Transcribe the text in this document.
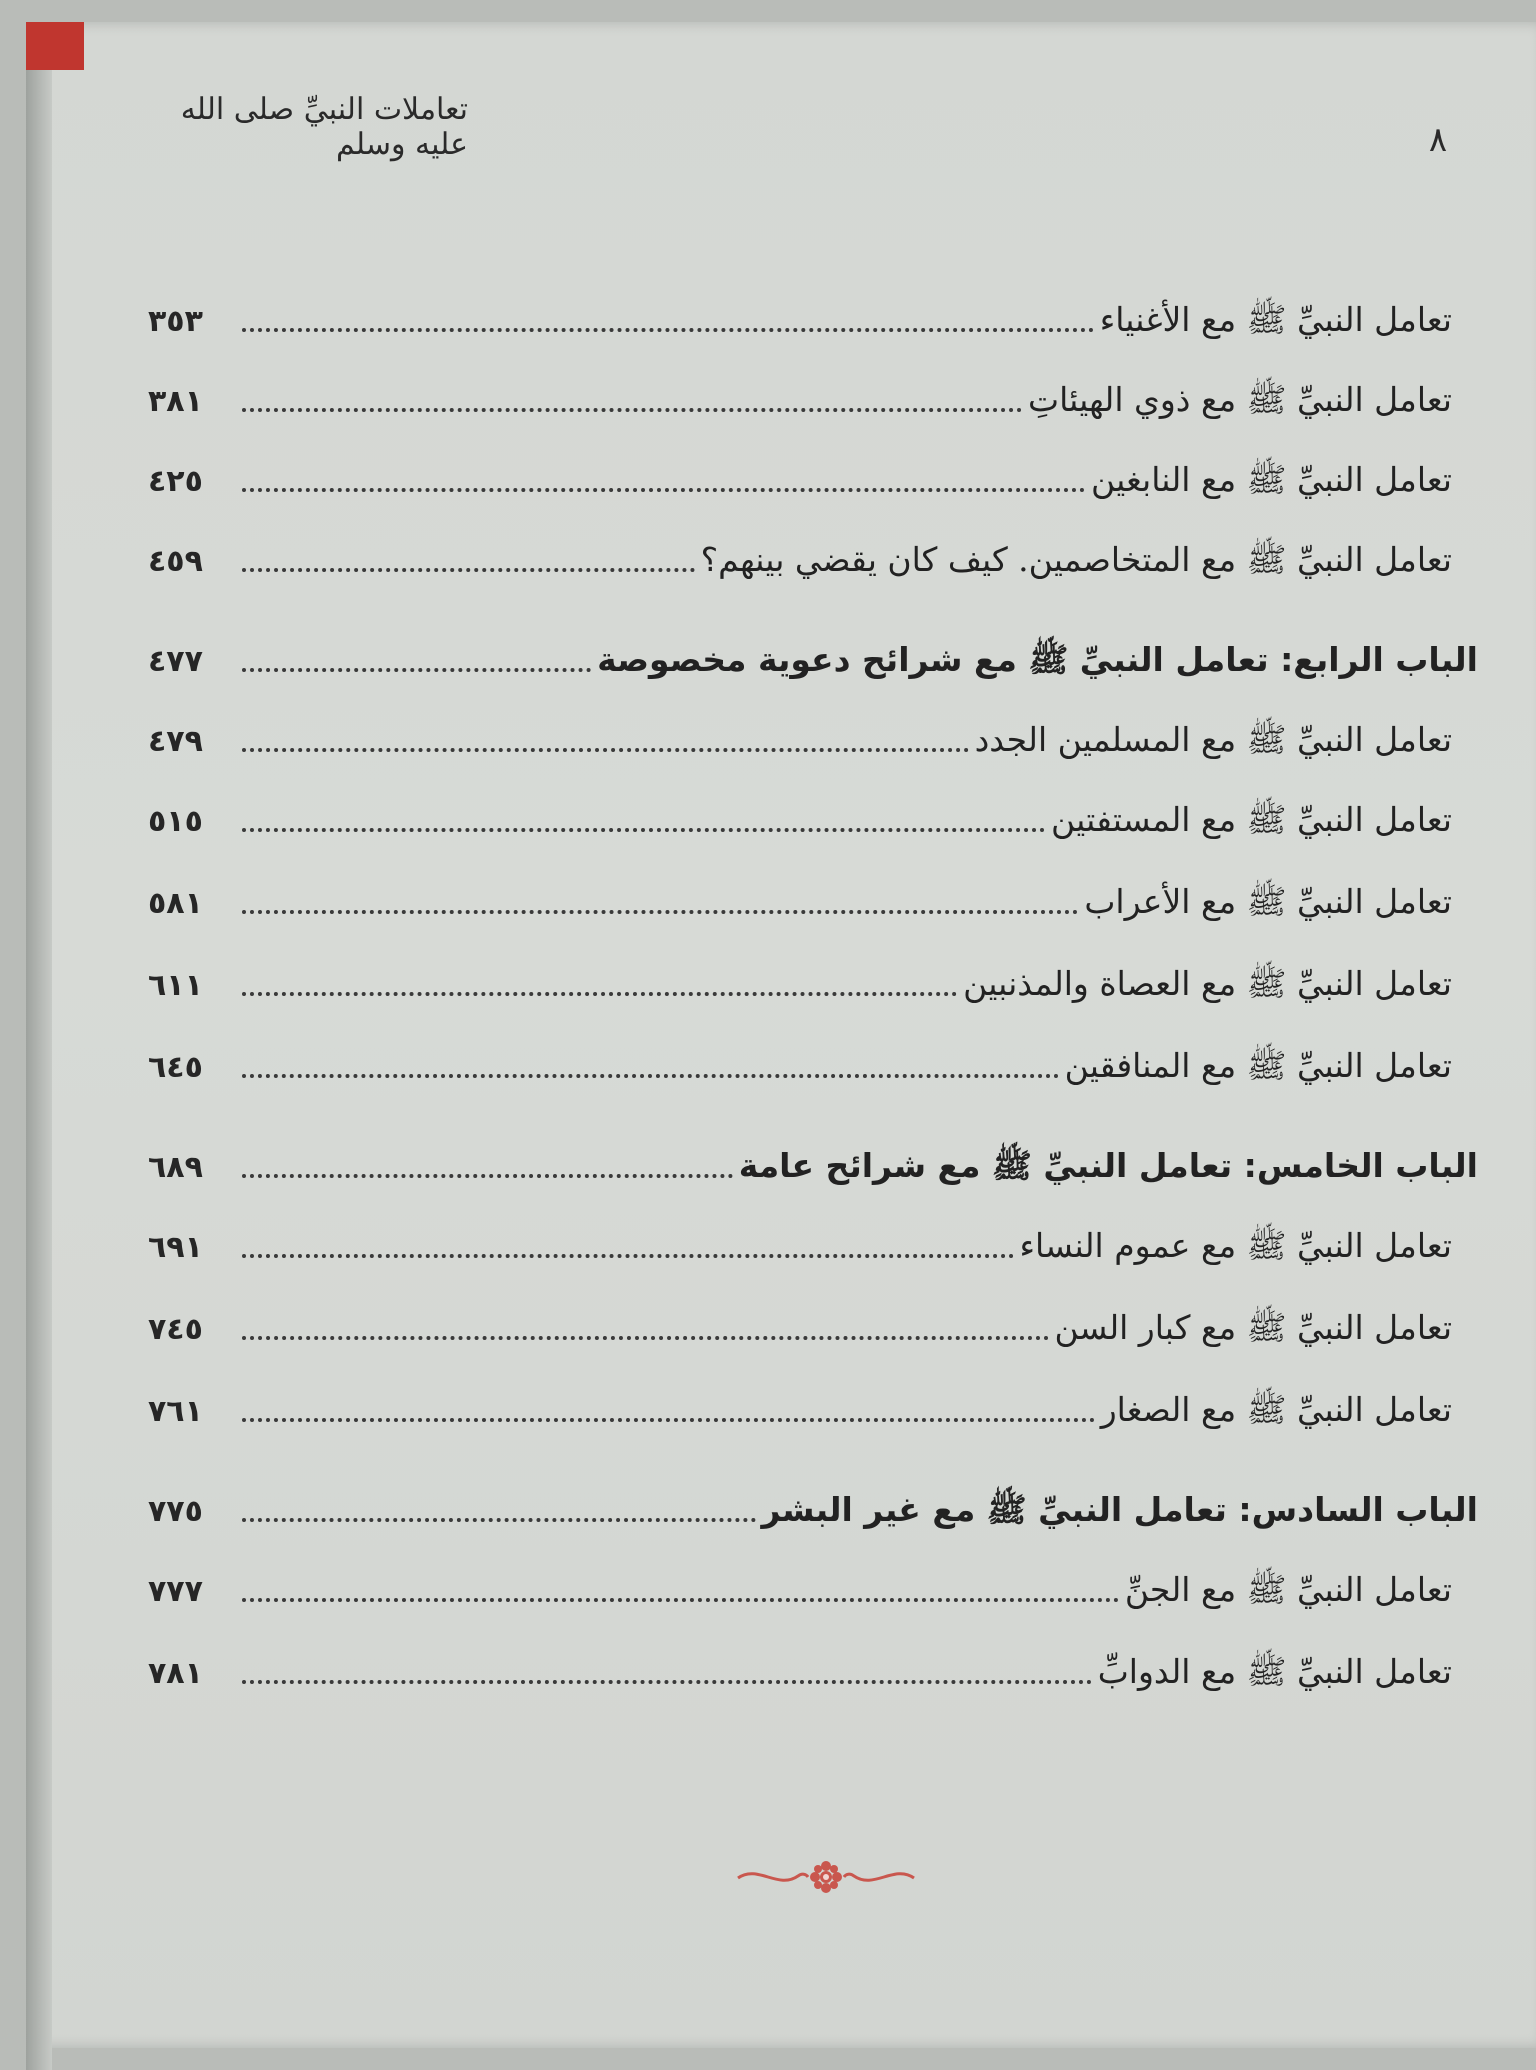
تعاملات النبيِّ صلى الله عليه وسلم	٨
٣٥٣	تعامل النبيِّ ﷺ مع الأغنياء
٣٨١	تعامل النبيِّ ﷺ مع ذوي الهيئاتِ
٤٢٥	تعامل النبيِّ ﷺ مع النابغين
٤٥٩	تعامل النبيِّ ﷺ مع المتخاصمين. كيف كان يقضي بينهم؟
٤٧٧	الباب الرابع: تعامل النبيِّ ﷺ مع شرائح دعوية مخصوصة
٤٧٩	تعامل النبيِّ ﷺ مع المسلمين الجدد
٥١٥	تعامل النبيِّ ﷺ مع المستفتين
٥٨١	تعامل النبيِّ ﷺ مع الأعراب
٦١١	تعامل النبيِّ ﷺ مع العصاة والمذنبين
٦٤٥	تعامل النبيِّ ﷺ مع المنافقين
٦٨٩	الباب الخامس: تعامل النبيِّ ﷺ مع شرائح عامة
٦٩١	تعامل النبيِّ ﷺ مع عموم النساء
٧٤٥	تعامل النبيِّ ﷺ مع كبار السن
٧٦١	تعامل النبيِّ ﷺ مع الصغار
٧٧٥	الباب السادس: تعامل النبيِّ ﷺ مع غير البشر
٧٧٧	تعامل النبيِّ ﷺ مع الجنِّ
٧٨١	تعامل النبيِّ ﷺ مع الدوابِّ
